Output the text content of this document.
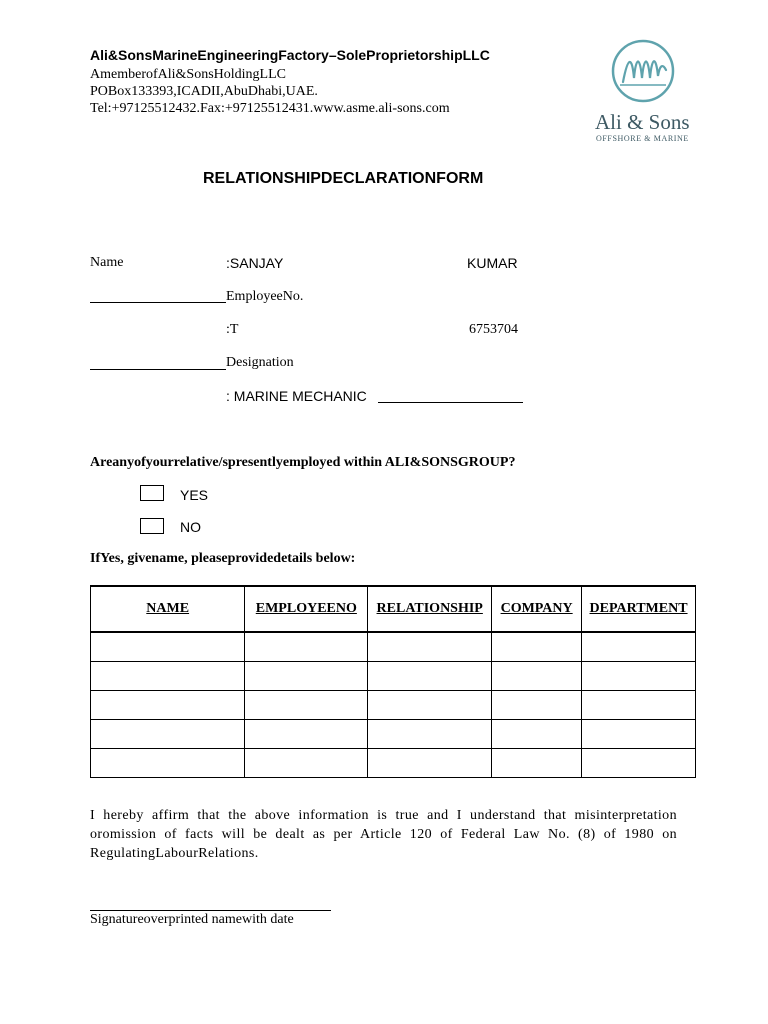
Ali&SonsMarineEngineeringFactory–SoleProprietorshipLLC
AmemberofAli&SonsHoldingLLC
POBox133393,ICADII,AbuDhabi,UAE.
Tel:+97125512432.Fax:+97125512431.www.asme.ali-sons.com
Ali & Sons
OFFSHORE & MARINE
RELATIONSHIPDECLARATIONFORM
Name	:SANJAY	KUMAR
EmployeeNo.
:T	6753704
Designation
: MARINE MECHANIC
Areanyofyourrelative/spresentlyemployed within ALI&SONSGROUP?
YES
NO
IfYes, givename, pleaseprovidedetails below:
NAME	EMPLOYEENO	RELATIONSHIP	COMPANY	DEPARTMENT

I hereby affirm that the above information is true and I understand that misinterpretation oromission of facts will be dealt as per Article 120 of Federal Law No. (8) of 1980 on RegulatingLabourRelations.
Signatureoverprinted namewith date
